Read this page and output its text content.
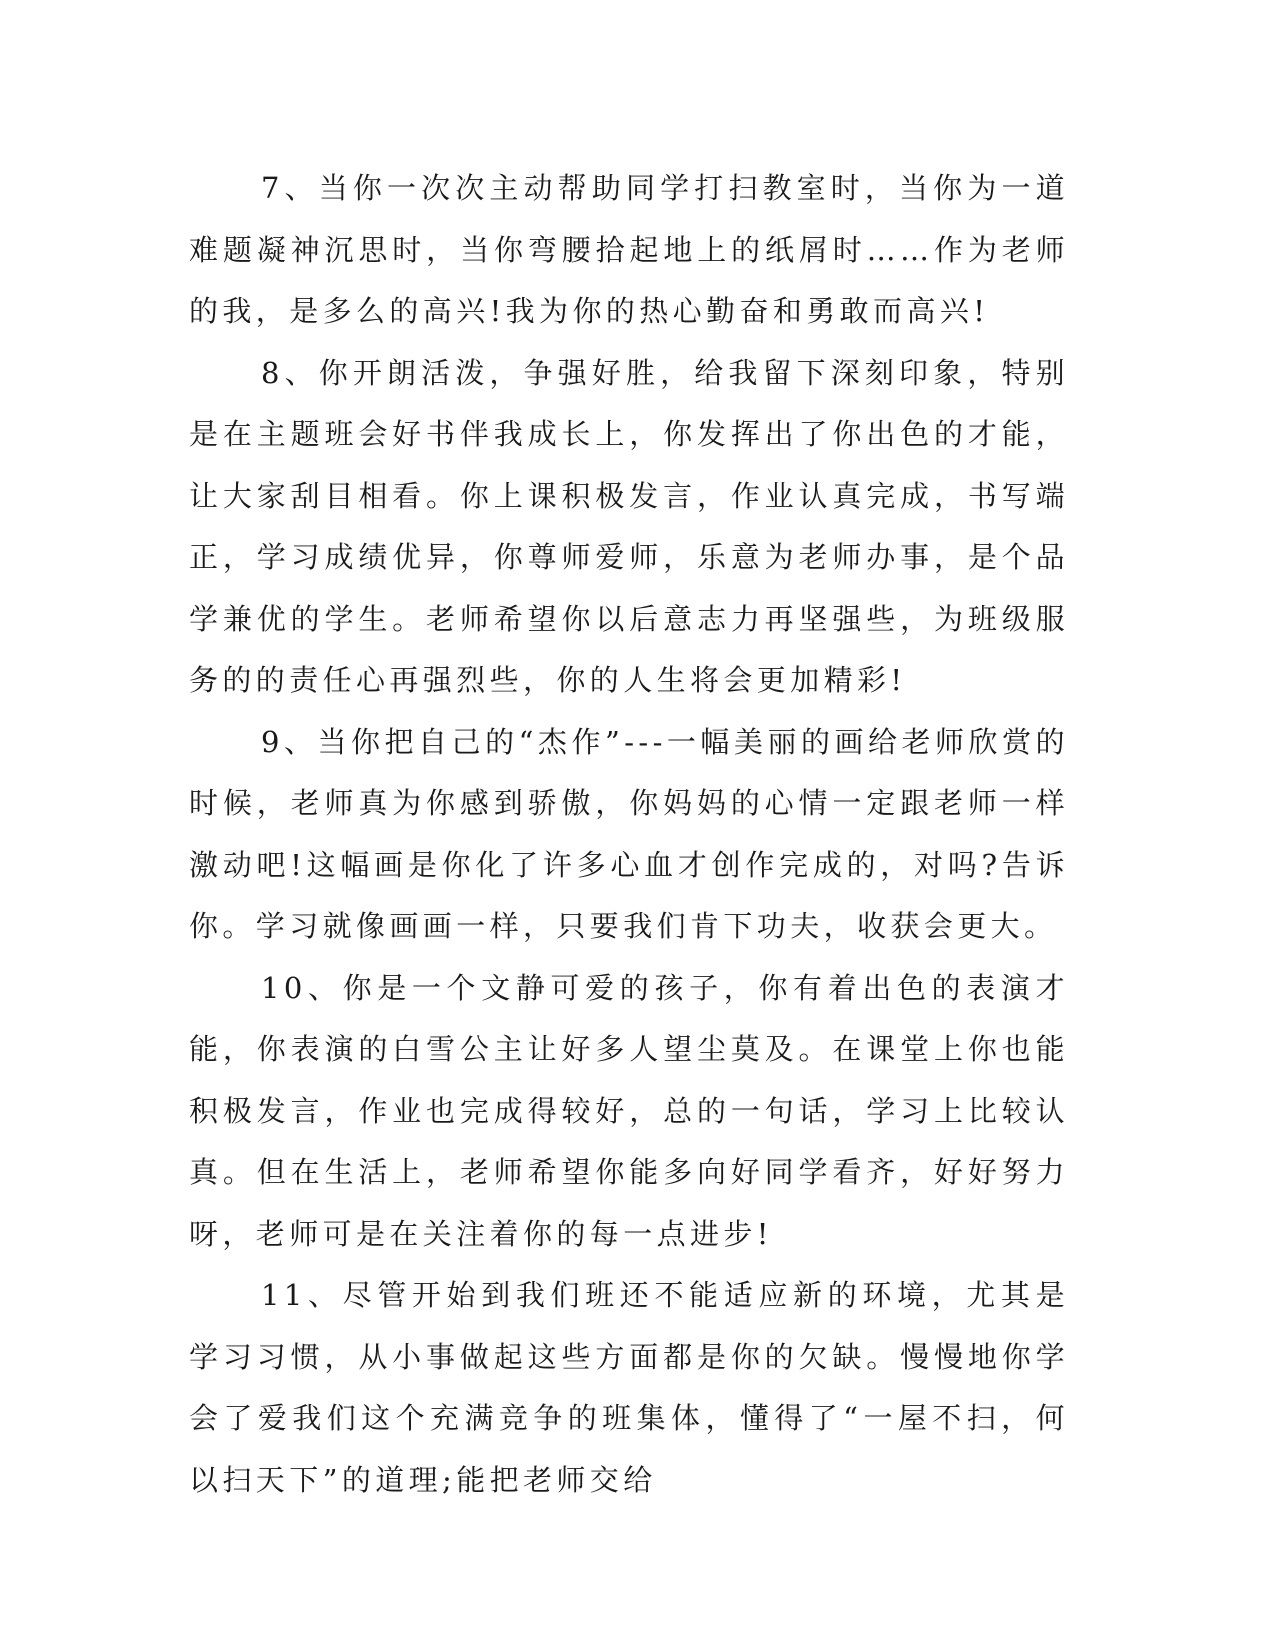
7、当你一次次主动帮助同学打扫教室时，当你为一道难题凝神沉思时，当你弯腰拾起地上的纸屑时……作为老师的我，是多么的高兴!我为你的热心勤奋和勇敢而高兴!

8、你开朗活泼，争强好胜，给我留下深刻印象，特别是在主题班会好书伴我成长上，你发挥出了你出色的才能，让大家刮目相看。你上课积极发言，作业认真完成，书写端正，学习成绩优异，你尊师爱师，乐意为老师办事，是个品学兼优的学生。老师希望你以后意志力再坚强些，为班级服务的的责任心再强烈些，你的人生将会更加精彩!

9、当你把自己的“杰作”---一幅美丽的画给老师欣赏的时候，老师真为你感到骄傲，你妈妈的心情一定跟老师一样激动吧!这幅画是你化了许多心血才创作完成的，对吗?告诉你。学习就像画画一样，只要我们肯下功夫，收获会更大。

10、你是一个文静可爱的孩子，你有着出色的表演才能，你表演的白雪公主让好多人望尘莫及。在课堂上你也能积极发言，作业也完成得较好，总的一句话，学习上比较认真。但在生活上，老师希望你能多向好同学看齐，好好努力呀，老师可是在关注着你的每一点进步!

11、尽管开始到我们班还不能适应新的环境，尤其是学习习惯，从小事做起这些方面都是你的欠缺。慢慢地你学会了爱我们这个充满竞争的班集体，懂得了“一屋不扫，何以扫天下”的道理;能把老师交给
